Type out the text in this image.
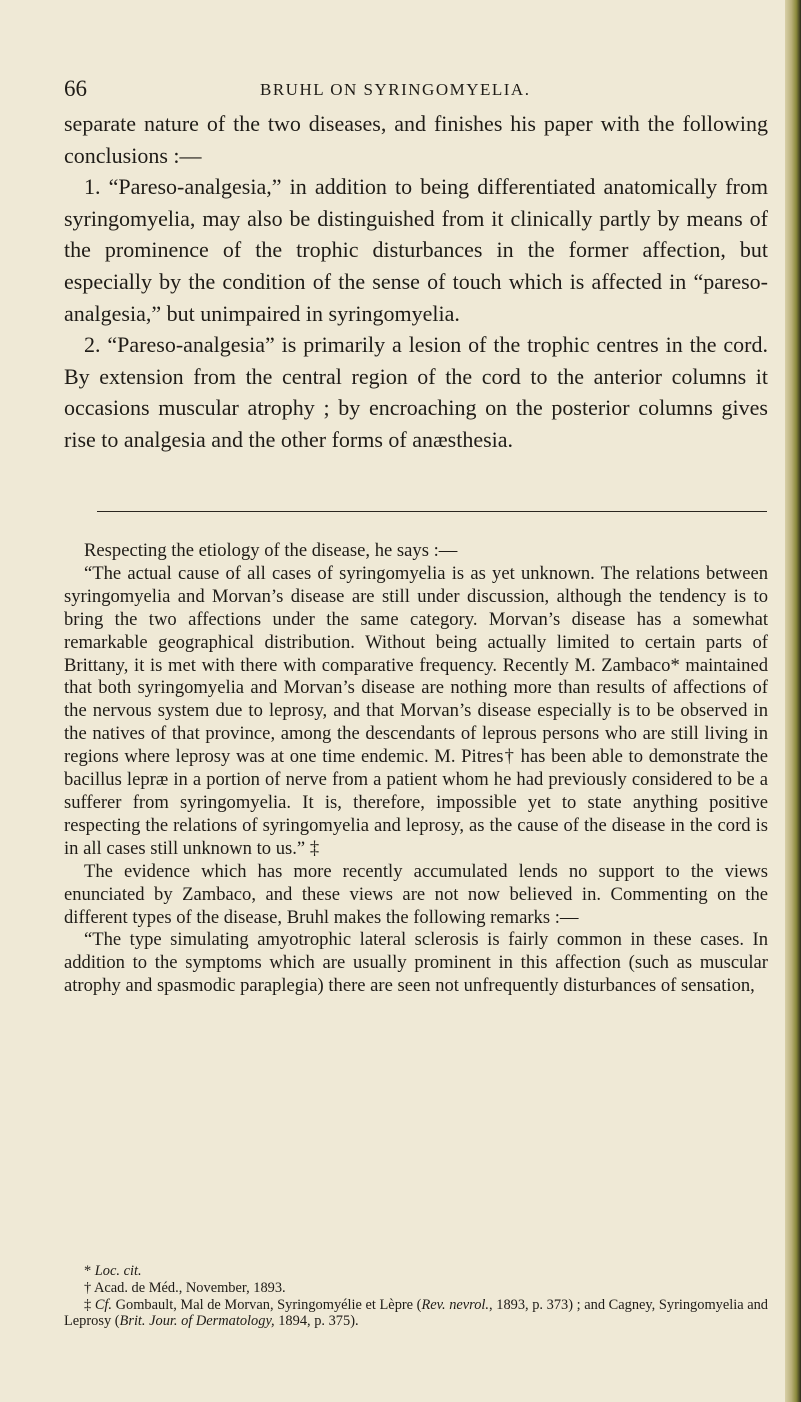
66	BRUHL ON SYRINGOMYELIA.

separate nature of the two diseases, and finishes his paper with the following conclusions :—

1. “Pareso-analgesia,” in addition to being differentiated anatomically from syringomyelia, may also be distinguished from it clinically partly by means of the prominence of the trophic disturbances in the former affection, but especially by the condition of the sense of touch which is affected in “pareso-analgesia,” but unimpaired in syringomyelia.

2. “Pareso-analgesia” is primarily a lesion of the trophic centres in the cord. By extension from the central region of the cord to the anterior columns it occasions muscular atrophy ; by encroaching on the posterior columns gives rise to analgesia and the other forms of anæsthesia.

Respecting the etiology of the disease, he says :—

“The actual cause of all cases of syringomyelia is as yet unknown. The relations between syringomyelia and Morvan’s disease are still under discussion, although the tendency is to bring the two affections under the same category. Morvan’s disease has a somewhat remarkable geographical distribution. Without being actually limited to certain parts of Brittany, it is met with there with comparative frequency. Recently M. Zambaco* maintained that both syringomyelia and Morvan’s disease are nothing more than results of affections of the nervous system due to leprosy, and that Morvan’s disease especially is to be observed in the natives of that province, among the descendants of leprous persons who are still living in regions where leprosy was at one time endemic. M. Pitres† has been able to demonstrate the bacillus lepræ in a portion of nerve from a patient whom he had previously considered to be a sufferer from syringomyelia. It is, therefore, impossible yet to state anything positive respecting the relations of syringomyelia and leprosy, as the cause of the disease in the cord is in all cases still unknown to us.” ‡

The evidence which has more recently accumulated lends no support to the views enunciated by Zambaco, and these views are not now believed in. Commenting on the different types of the disease, Bruhl makes the following remarks :—

“The type simulating amyotrophic lateral sclerosis is fairly common in these cases. In addition to the symptoms which are usually prominent in this affection (such as muscular atrophy and spasmodic paraplegia) there are seen not unfrequently disturbances of sensation,

* Loc. cit.

† Acad. de Méd., November, 1893.

‡ Cf. Gombault, Mal de Morvan, Syringomyélie et Lèpre (Rev. nevrol., 1893, p. 373) ; and Cagney, Syringomyelia and Leprosy (Brit. Jour. of Dermatology, 1894, p. 375).
